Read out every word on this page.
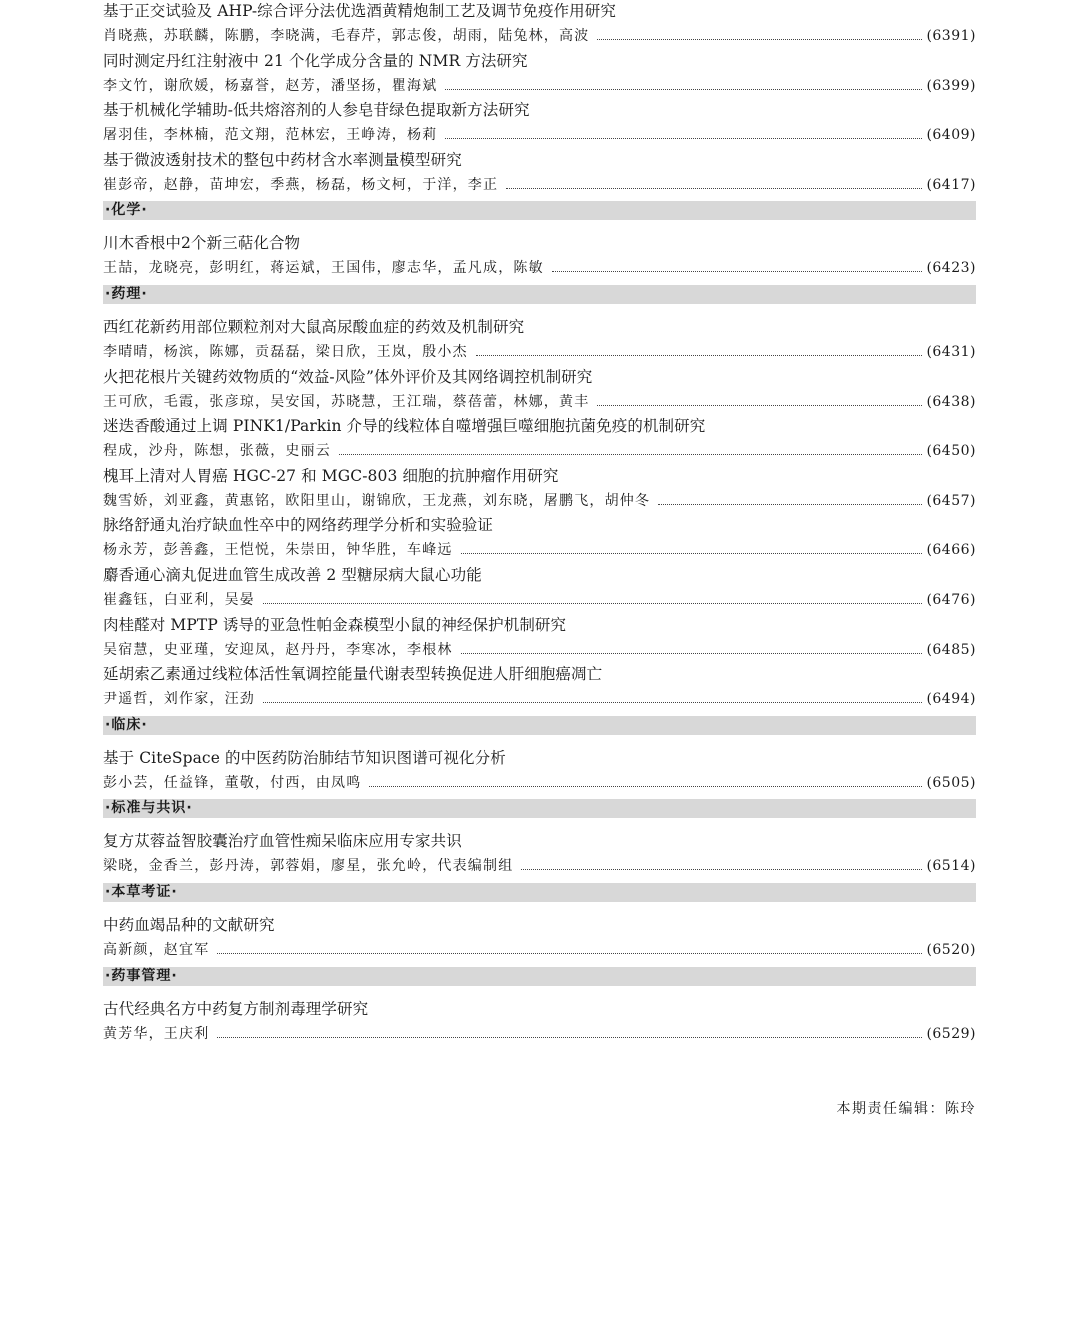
基于正交试验及 AHP-综合评分法优选酒黄精炮制工艺及调节免疫作用研究
肖晓燕，苏联麟，陈鹏，李晓满，毛春芹，郭志俊，胡雨，陆兔林，高波	(6391)
同时测定丹红注射液中 21 个化学成分含量的 NMR 方法研究
李文竹，谢欣媛，杨嘉誉，赵芳，潘坚扬，瞿海斌	(6399)
基于机械化学辅助-低共熔溶剂的人参皂苷绿色提取新方法研究
屠羽佳，李林楠，范文翔，范林宏，王峥涛，杨莉	(6409)
基于微波透射技术的整包中药材含水率测量模型研究
崔彭帝，赵静，苗坤宏，季燕，杨磊，杨文柯，于洋，李正	(6417)
·化学·
川木香根中2个新三萜化合物
王喆，龙晓亮，彭明红，蒋运斌，王国伟，廖志华，孟凡成，陈敏	(6423)
·药理·
西红花新药用部位颗粒剂对大鼠高尿酸血症的药效及机制研究
李晴晴，杨滨，陈娜，贡磊磊，梁日欣，王岚，殷小杰	(6431)
火把花根片关键药效物质的“效益-风险”体外评价及其网络调控机制研究
王可欣，毛霞，张彦琼，吴安国，苏晓慧，王江瑞，蔡蓓蕾，林娜，黄丰	(6438)
迷迭香酸通过上调 PINK1/Parkin 介导的线粒体自噬增强巨噬细胞抗菌免疫的机制研究
程成，沙舟，陈想，张薇，史丽云	(6450)
槐耳上清对人胃癌 HGC-27 和 MGC-803 细胞的抗肿瘤作用研究
魏雪娇，刘亚鑫，黄惠铭，欧阳里山，谢锦欣，王龙燕，刘东晓，屠鹏飞，胡仲冬	(6457)
脉络舒通丸治疗缺血性卒中的网络药理学分析和实验验证
杨永芳，彭善鑫，王恺悦，朱崇田，钟华胜，车峰远	(6466)
麝香通心滴丸促进血管生成改善 2 型糖尿病大鼠心功能
崔鑫钰，白亚利，吴晏	(6476)
肉桂醛对 MPTP 诱导的亚急性帕金森模型小鼠的神经保护机制研究
吴宿慧，史亚瑾，安迎凤，赵丹丹，李寒冰，李根林	(6485)
延胡索乙素通过线粒体活性氧调控能量代谢表型转换促进人肝细胞癌凋亡
尹遥哲，刘作家，汪劲	(6494)
·临床·
基于 CiteSpace 的中医药防治肺结节知识图谱可视化分析
彭小芸，任益锋，董敬，付西，由凤鸣	(6505)
·标准与共识·
复方苁蓉益智胶囊治疗血管性痴呆临床应用专家共识
梁晓，金香兰，彭丹涛，郭蓉娟，廖星，张允岭，代表编制组	(6514)
·本草考证·
中药血竭品种的文献研究
高新颜，赵宜军	(6520)
·药事管理·
古代经典名方中药复方制剂毒理学研究
黄芳华，王庆利	(6529)
本期责任编辑：陈玲
